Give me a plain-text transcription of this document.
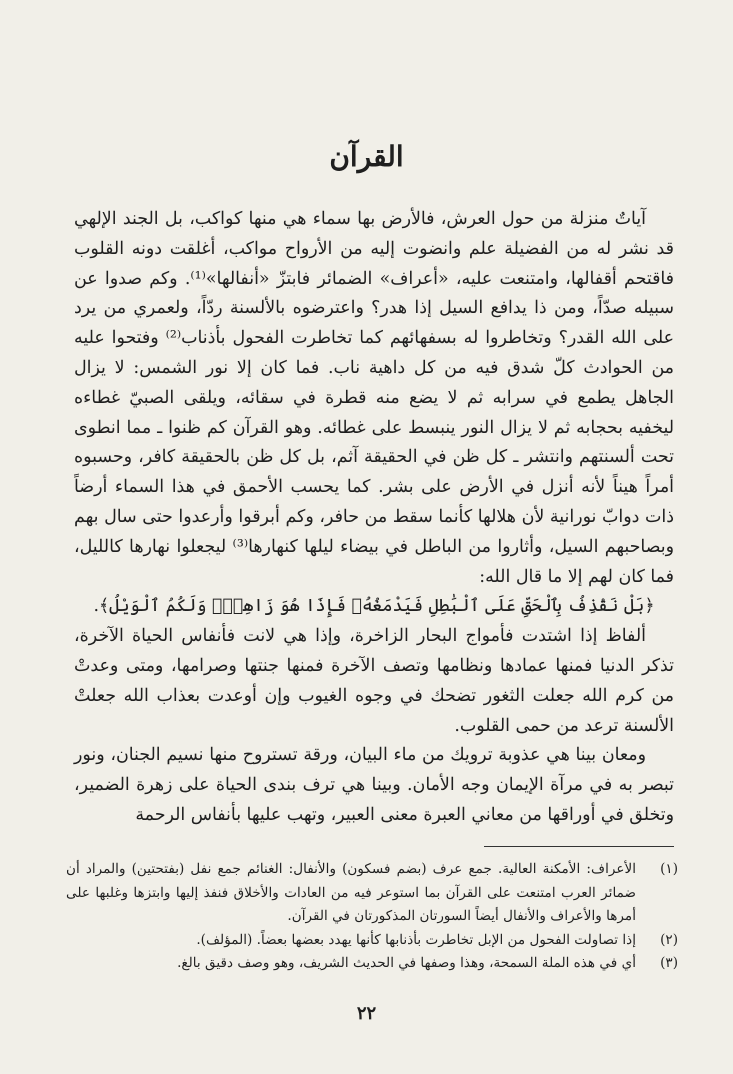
القرآن

آياتٌ منزلة من حول العرش، فالأرض بها سماء هي منها كواكب، بل الجند الإلهي قد نشر له من الفضيلة علم وانضوت إليه من الأرواح مواكب، أغلقت دونه القلوب فاقتحم أقفالها، وامتنعت عليه، «أعراف» الضمائر فابتزّ «أنفالها»⁽¹⁾. وكم صدوا عن سبيله صدّاً، ومن ذا يدافع السيل إذا هدر؟ واعترضوه بالألسنة ردّاً، ولعمري من يرد على الله القدر؟ وتخاطروا له بسفهائهم كما تخاطرت الفحول بأذناب⁽²⁾ وفتحوا عليه من الحوادث كلّ شدق فيه من كل داهية ناب. فما كان إلا نور الشمس: لا يزال الجاهل يطمع في سرابه ثم لا يضع منه قطرة في سقائه، ويلقى الصبيّ غطاءه ليخفيه بحجابه ثم لا يزال النور ينبسط على غطائه. وهو القرآن كم ظنوا ـ مما انطوى تحت ألسنتهم وانتشر ـ كل ظن في الحقيقة آثم، بل كل ظن بالحقيقة كافر، وحسبوه أمراً هيناً لأنه أنزل في الأرض على بشر. كما يحسب الأحمق في هذا السماء أرضاً ذات دوابّ نورانية لأن هلالها كأنما سقط من حافر، وكم أبرقوا وأرعدوا حتى سال بهم وبصاحبهم السيل، وأثاروا من الباطل في بيضاء ليلها كنهارها⁽³⁾ ليجعلوا نهارها كالليل، فما كان لهم إلا ما قال الله:

﴿بَلْ نَقْذِفُ بِٱلْحَقِّ عَلَى ٱلْبَٰطِلِ فَيَدْمَغُهُۥ فَإِذَا هُوَ زَاهِقٌۚ وَلَكُمُ ٱلْوَيْلُ﴾.

ألفاظ إذا اشتدت فأمواج البحار الزاخرة، وإذا هي لانت فأنفاس الحياة الآخرة، تذكر الدنيا فمنها عمادها ونظامها وتصف الآخرة فمنها جنتها وصرامها، ومتى وعدتْ من كرم الله جعلت الثغور تضحك في وجوه الغيوب وإن أوعدت بعذاب الله جعلتْ الألسنة ترعد من حمى القلوب.

ومعان بينا هي عذوبة ترويك من ماء البيان، ورقة تستروح منها نسيم الجنان، ونور تبصر به في مرآة الإيمان وجه الأمان. وبينا هي ترف بندى الحياة على زهرة الضمير، وتخلق في أوراقها من معاني العبرة معنى العبير، وتهب عليها بأنفاس الرحمة

(١)
الأعراف: الأمكنة العالية. جمع عرف (بضم فسكون) والأنفال: الغنائم جمع نفل (بفتحتين) والمراد أن ضمائر العرب امتنعت على القرآن بما استوعر فيه من العادات والأخلاق فنفذ إليها وابتزها وغلبها على أمرها والأعراف والأنفال أيضاً السورتان المذكورتان في القرآن.
(٢)
إذا تصاولت الفحول من الإبل تخاطرت بأذنابها كأنها يهدد بعضها بعضاً. (المؤلف).
(٣)
أي في هذه الملة السمحة، وهذا وصفها في الحديث الشريف، وهو وصف دقيق بالغ.
٢٢
